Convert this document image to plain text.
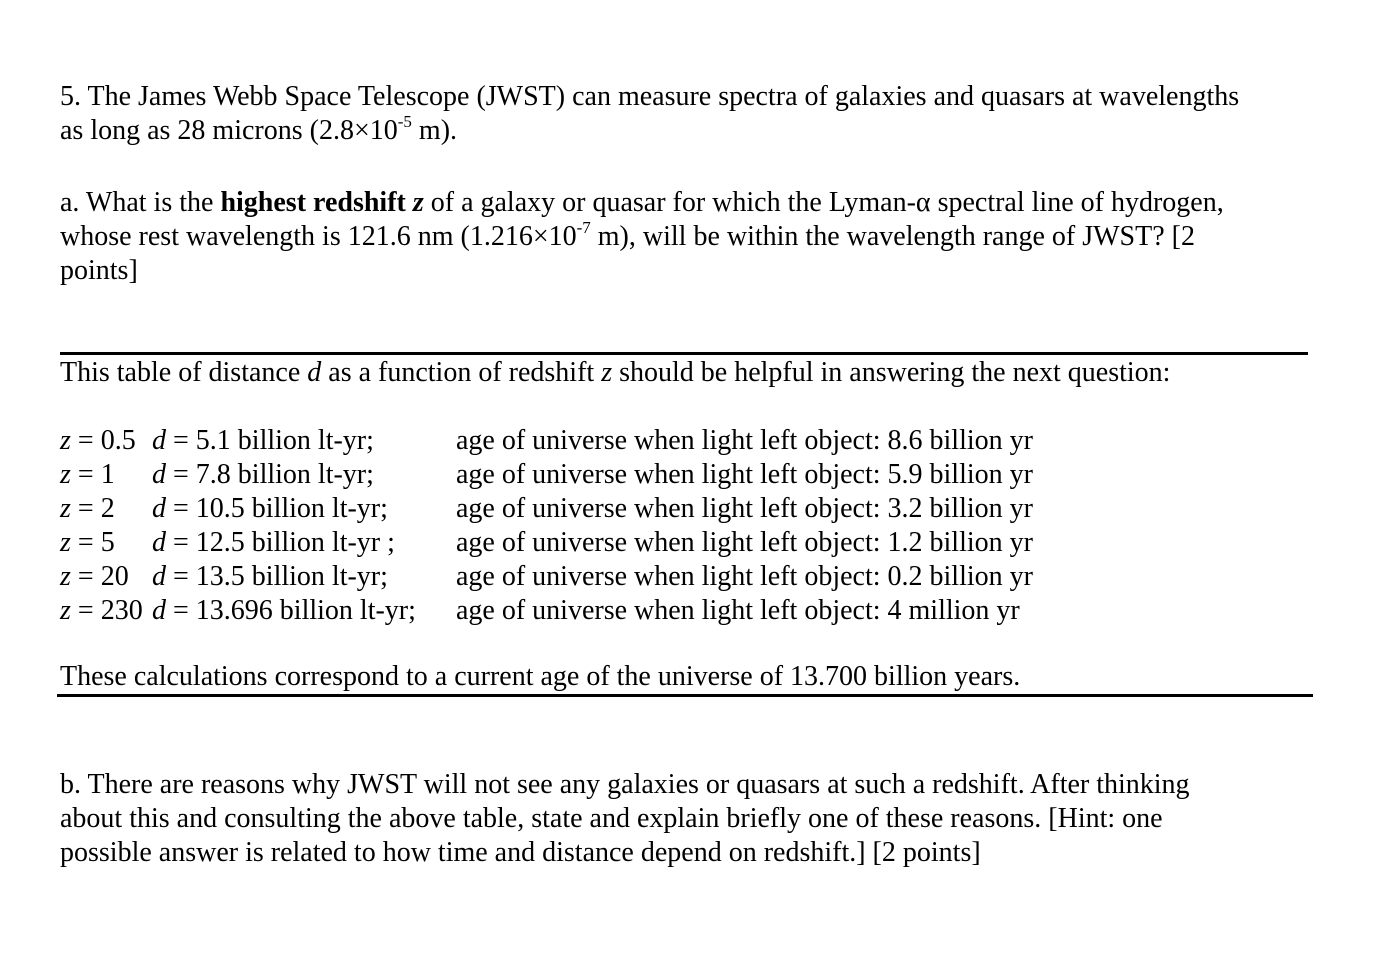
5. The James Webb Space Telescope (JWST) can measure spectra of galaxies and quasars at wavelengths
as long as 28 microns ($2.8\times 10^{-5}$ m).
a. What is the highest redshift z of a galaxy or quasar for which the Lyman-α spectral line of hydrogen,
whose rest wavelength is 121.6 nm ($1.216\times 10^{-7}$ m), will be within the wavelength range of JWST? [2
points]
This table of distance d as a function of redshift z should be helpful in answering the next question:
z = 0.5 d = 5.1 billion lt-yr;	age of universe when light left object: 8.6 billion yr
z = 1 d = 7.8 billion lt-yr;	age of universe when light left object: 5.9 billion yr
z = 2 d = 10.5 billion lt-yr; age of universe when light left object: 3.2 billion yr
z = 5 d = 12.5 billion lt-yr ; age of universe when light left object: 1.2 billion yr
z = 20 d = 13.5 billion lt-yr; age of universe when light left object: 0.2 billion yr
z = 230 d = 13.696 billion lt-yr; age of universe when light left object: 4 million yr
These calculations correspond to a current age of the universe of 13.700 billion years.
b. There are reasons why JWST will not see any galaxies or quasars at such a redshift. After thinking
about this and consulting the above table, state and explain briefly one of these reasons. [Hint: one
possible answer is related to how time and distance depend on redshift.] [2 points]
